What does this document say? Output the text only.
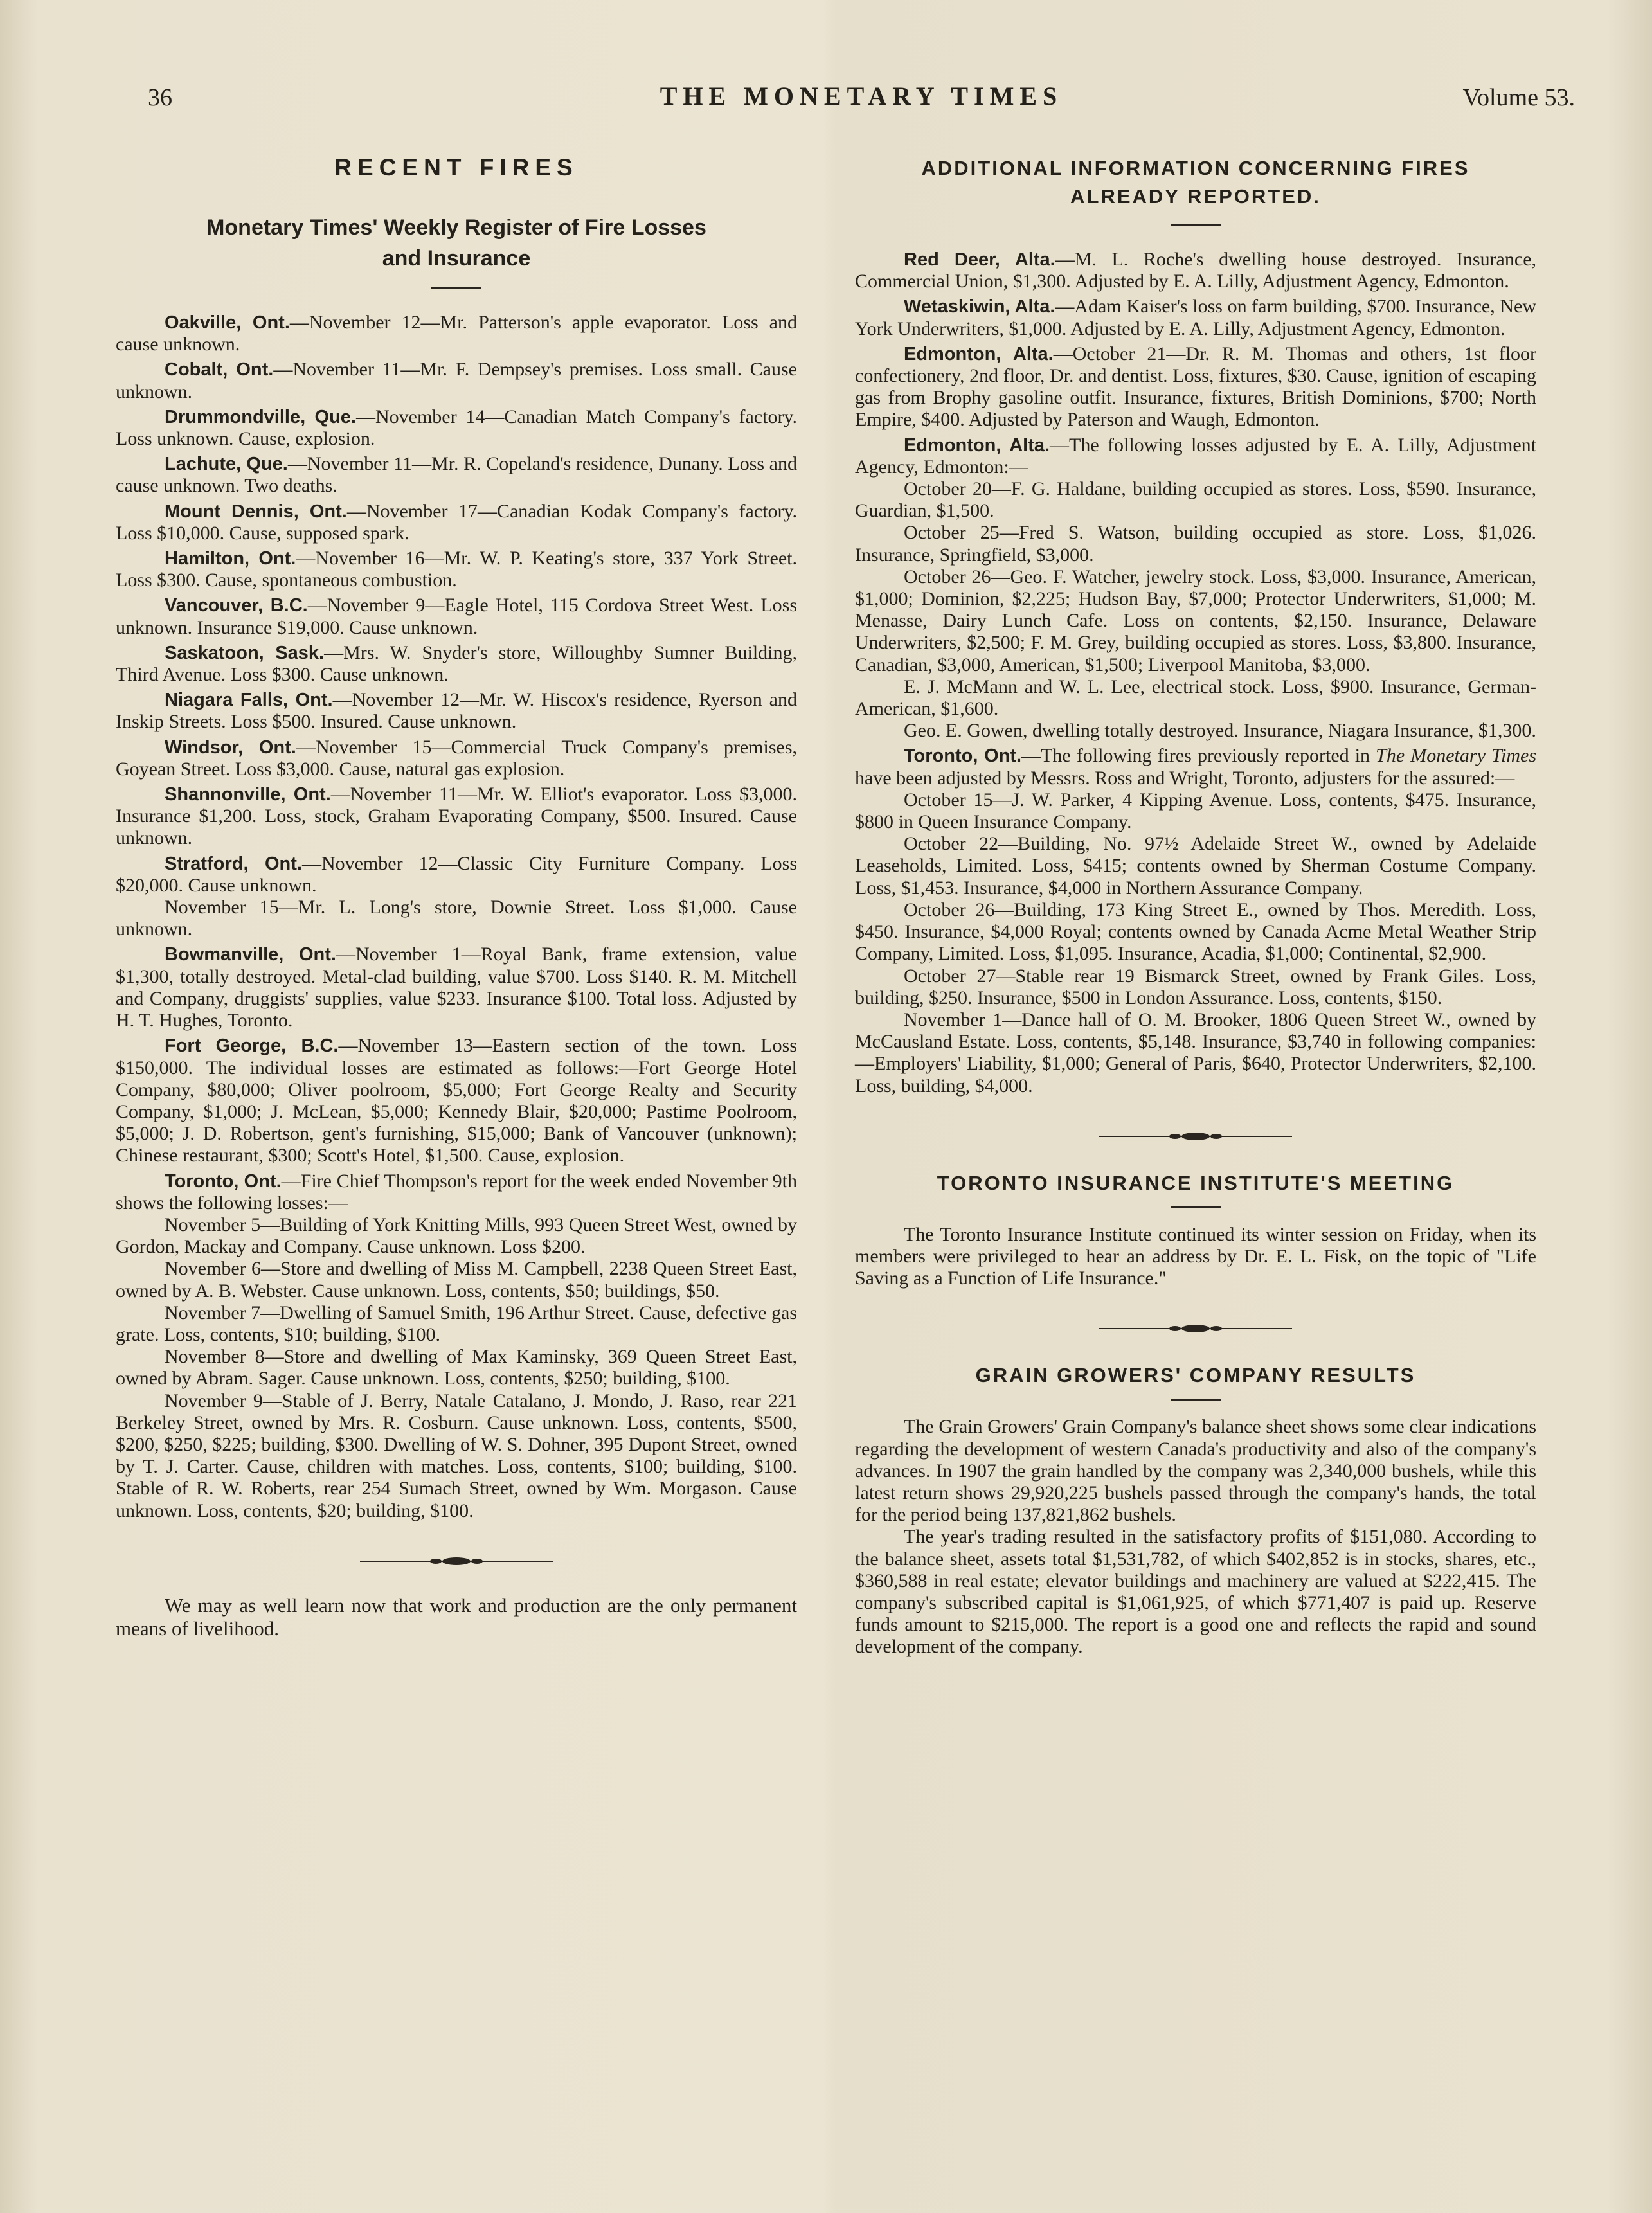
36	THE MONETARY TIMES	Volume 53.
RECENT FIRES
Monetary Times' Weekly Register of Fire Losses
and Insurance

Oakville, Ont.—November 12—Mr. Patterson's apple evaporator. Loss and cause unknown.

Cobalt, Ont.—November 11—Mr. F. Dempsey's premises. Loss small. Cause unknown.

Drummondville, Que.—November 14—Canadian Match Company's factory. Loss unknown. Cause, explosion.

Lachute, Que.—November 11—Mr. R. Copeland's residence, Dunany. Loss and cause unknown. Two deaths.

Mount Dennis, Ont.—November 17—Canadian Kodak Company's factory. Loss $10,000. Cause, supposed spark.

Hamilton, Ont.—November 16—Mr. W. P. Keating's store, 337 York Street. Loss $300. Cause, spontaneous combustion.

Vancouver, B.C.—November 9—Eagle Hotel, 115 Cordova Street West. Loss unknown. Insurance $19,000. Cause unknown.

Saskatoon, Sask.—Mrs. W. Snyder's store, Willoughby Sumner Building, Third Avenue. Loss $300. Cause unknown.

Niagara Falls, Ont.—November 12—Mr. W. Hiscox's residence, Ryerson and Inskip Streets. Loss $500. Insured. Cause unknown.

Windsor, Ont.—November 15—Commercial Truck Company's premises, Goyean Street. Loss $3,000. Cause, natural gas explosion.

Shannonville, Ont.—November 11—Mr. W. Elliot's evaporator. Loss $3,000. Insurance $1,200. Loss, stock, Graham Evaporating Company, $500. Insured. Cause unknown.

Stratford, Ont.—November 12—Classic City Furniture Company. Loss $20,000. Cause unknown.

November 15—Mr. L. Long's store, Downie Street. Loss $1,000. Cause unknown.

Bowmanville, Ont.—November 1—Royal Bank, frame extension, value $1,300, totally destroyed. Metal-clad building, value $700. Loss $140. R. M. Mitchell and Company, druggists' supplies, value $233. Insurance $100. Total loss. Adjusted by H. T. Hughes, Toronto.

Fort George, B.C.—November 13—Eastern section of the town. Loss $150,000. The individual losses are estimated as follows:—Fort George Hotel Company, $80,000; Oliver poolroom, $5,000; Fort George Realty and Security Company, $1,000; J. McLean, $5,000; Kennedy Blair, $20,000; Pastime Poolroom, $5,000; J. D. Robertson, gent's furnishing, $15,000; Bank of Vancouver (unknown); Chinese restaurant, $300; Scott's Hotel, $1,500. Cause, explosion.

Toronto, Ont.—Fire Chief Thompson's report for the week ended November 9th shows the following losses:—

November 5—Building of York Knitting Mills, 993 Queen Street West, owned by Gordon, Mackay and Company. Cause unknown. Loss $200.

November 6—Store and dwelling of Miss M. Campbell, 2238 Queen Street East, owned by A. B. Webster. Cause unknown. Loss, contents, $50; buildings, $50.

November 7—Dwelling of Samuel Smith, 196 Arthur Street. Cause, defective gas grate. Loss, contents, $10; building, $100.

November 8—Store and dwelling of Max Kaminsky, 369 Queen Street East, owned by Abram. Sager. Cause unknown. Loss, contents, $250; building, $100.

November 9—Stable of J. Berry, Natale Catalano, J. Mondo, J. Raso, rear 221 Berkeley Street, owned by Mrs. R. Cosburn. Cause unknown. Loss, contents, $500, $200, $250, $225; building, $300. Dwelling of W. S. Dohner, 395 Dupont Street, owned by T. J. Carter. Cause, children with matches. Loss, contents, $100; building, $100. Stable of R. W. Roberts, rear 254 Sumach Street, owned by Wm. Morgason. Cause unknown. Loss, contents, $20; building, $100.

We may as well learn now that work and production are the only permanent means of livelihood.

ADDITIONAL INFORMATION CONCERNING FIRES
ALREADY REPORTED.

Red Deer, Alta.—M. L. Roche's dwelling house destroyed. Insurance, Commercial Union, $1,300. Adjusted by E. A. Lilly, Adjustment Agency, Edmonton.

Wetaskiwin, Alta.—Adam Kaiser's loss on farm building, $700. Insurance, New York Underwriters, $1,000. Adjusted by E. A. Lilly, Adjustment Agency, Edmonton.

Edmonton, Alta.—October 21—Dr. R. M. Thomas and others, 1st floor confectionery, 2nd floor, Dr. and dentist. Loss, fixtures, $30. Cause, ignition of escaping gas from Brophy gasoline outfit. Insurance, fixtures, British Dominions, $700; North Empire, $400. Adjusted by Paterson and Waugh, Edmonton.

Edmonton, Alta.—The following losses adjusted by E. A. Lilly, Adjustment Agency, Edmonton:—

October 20—F. G. Haldane, building occupied as stores. Loss, $590. Insurance, Guardian, $1,500.

October 25—Fred S. Watson, building occupied as store. Loss, $1,026. Insurance, Springfield, $3,000.

October 26—Geo. F. Watcher, jewelry stock. Loss, $3,000. Insurance, American, $1,000; Dominion, $2,225; Hudson Bay, $7,000; Protector Underwriters, $1,000; M. Menasse, Dairy Lunch Cafe. Loss on contents, $2,150. Insurance, Delaware Underwriters, $2,500; F. M. Grey, building occupied as stores. Loss, $3,800. Insurance, Canadian, $3,000, American, $1,500; Liverpool Manitoba, $3,000.

E. J. McMann and W. L. Lee, electrical stock. Loss, $900. Insurance, German-American, $1,600.

Geo. E. Gowen, dwelling totally destroyed. Insurance, Niagara Insurance, $1,300.

Toronto, Ont.—The following fires previously reported in The Monetary Times have been adjusted by Messrs. Ross and Wright, Toronto, adjusters for the assured:—

October 15—J. W. Parker, 4 Kipping Avenue. Loss, contents, $475. Insurance, $800 in Queen Insurance Company.

October 22—Building, No. 97½ Adelaide Street W., owned by Adelaide Leaseholds, Limited. Loss, $415; contents owned by Sherman Costume Company. Loss, $1,453. Insurance, $4,000 in Northern Assurance Company.

October 26—Building, 173 King Street E., owned by Thos. Meredith. Loss, $450. Insurance, $4,000 Royal; contents owned by Canada Acme Metal Weather Strip Company, Limited. Loss, $1,095. Insurance, Acadia, $1,000; Continental, $2,900.

October 27—Stable rear 19 Bismarck Street, owned by Frank Giles. Loss, building, $250. Insurance, $500 in London Assurance. Loss, contents, $150.

November 1—Dance hall of O. M. Brooker, 1806 Queen Street W., owned by McCausland Estate. Loss, contents, $5,148. Insurance, $3,740 in following companies:—Employers' Liability, $1,000; General of Paris, $640, Protector Underwriters, $2,100. Loss, building, $4,000.

TORONTO INSURANCE INSTITUTE'S MEETING

The Toronto Insurance Institute continued its winter session on Friday, when its members were privileged to hear an address by Dr. E. L. Fisk, on the topic of "Life Saving as a Function of Life Insurance."

GRAIN GROWERS' COMPANY RESULTS

The Grain Growers' Grain Company's balance sheet shows some clear indications regarding the development of western Canada's productivity and also of the company's advances. In 1907 the grain handled by the company was 2,340,000 bushels, while this latest return shows 29,920,225 bushels passed through the company's hands, the total for the period being 137,821,862 bushels.

The year's trading resulted in the satisfactory profits of $151,080. According to the balance sheet, assets total $1,531,782, of which $402,852 is in stocks, shares, etc., $360,588 in real estate; elevator buildings and machinery are valued at $222,415. The company's subscribed capital is $1,061,925, of which $771,407 is paid up. Reserve funds amount to $215,000. The report is a good one and reflects the rapid and sound development of the company.
